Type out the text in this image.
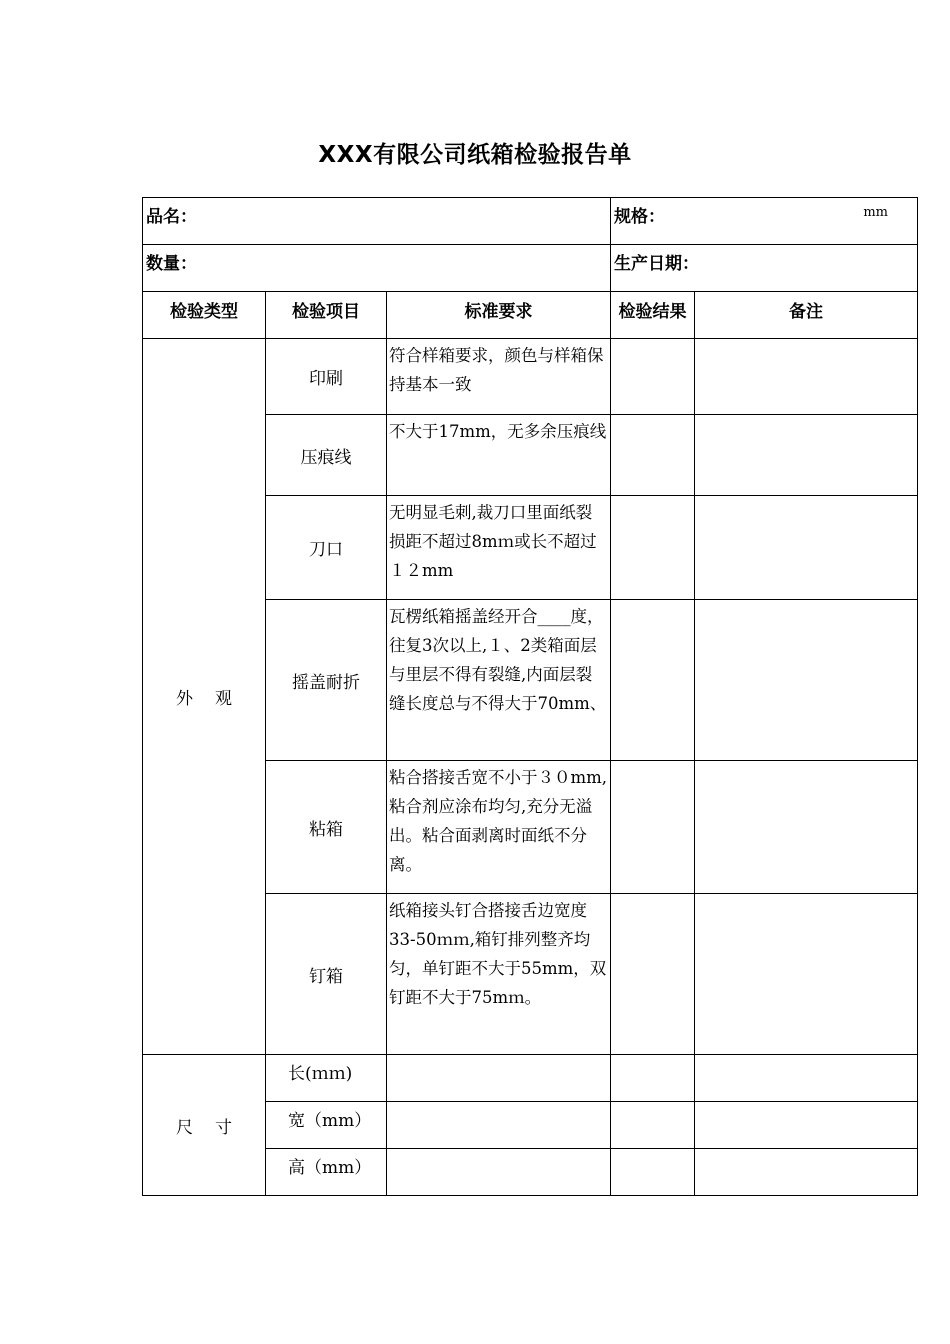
XXX有限公司纸箱检验报告单
品名：			规格： mm	

数量：			生产日期：	
检验类型	检验项目	标准要求	检验结果	备注
外观	印刷	符合样箱要求，颜色与样箱保持基本一致		
	压痕线	不大于17mm，无多余压痕线		
	刀口	无明显毛刺,裁刀口里面纸裂损距不超过8mｍ或长不超过１２mm		
	摇盖耐折	瓦楞纸箱摇盖经开合____度，往复3次以上,１、2类箱面层与里层不得有裂缝,内面层裂缝长度总与不得大于70mm、		
	粘箱	粘合搭接舌宽不小于３０mm,粘合剂应涂布均匀,充分无溢出。粘合面剥离时面纸不分离。		
	钉箱	纸箱接头钉合搭接舌边宽度33-50ｍｍ,箱钉排列整齐均匀，单钉距不大于55mm，双钉距不大于75mｍ。		
尺寸	长(ｍｍ)			
	宽（mm）			
	高（mm）			
